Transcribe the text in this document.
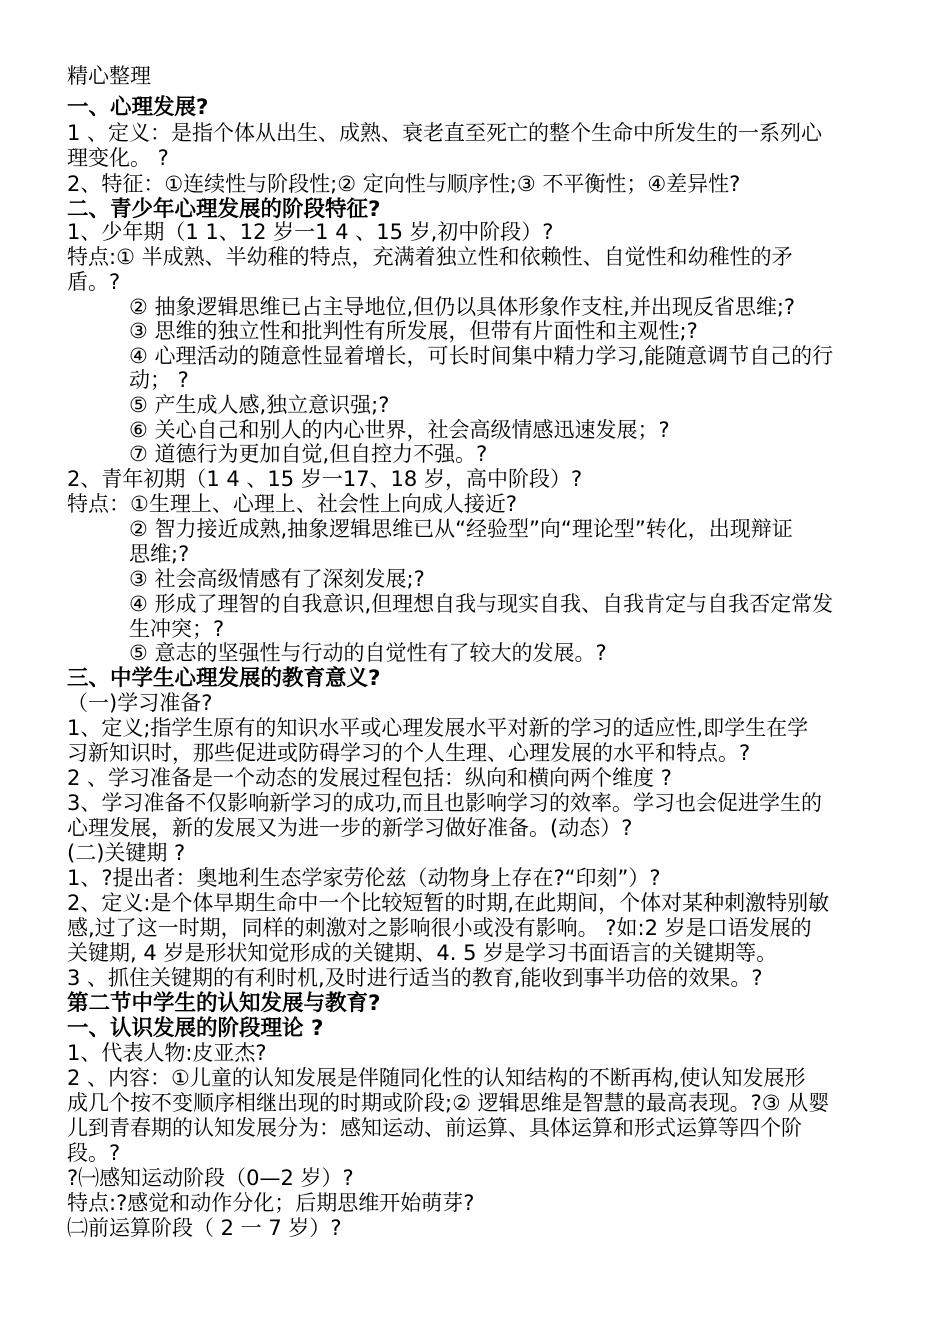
精心整理
一、心理发展?
1 、定义：是指个体从出生、成熟、衰老直至死亡的整个生命中所发生的一系列心
理变化。 ?
2、特征：①连续性与阶段性;② 定向性与顺序性;③ 不平衡性；④差异性?
二、青少年心理发展的阶段特征?
1、少年期（1 1、12 岁一1 4 、15 岁,初中阶段）?
特点:① 半成熟、半幼稚的特点，充满着独立性和依赖性、自觉性和幼稚性的矛
盾。?
② 抽象逻辑思维已占主导地位,但仍以具体形象作支柱,并出现反省思维;?
③ 思维的独立性和批判性有所发展，但带有片面性和主观性;?
④ 心理活动的随意性显着增长，可长时间集中精力学习,能随意调节自己的行
动； ?
⑤ 产生成人感,独立意识强;?
⑥ 关心自己和别人的内心世界，社会高级情感迅速发展；?
⑦ 道德行为更加自觉,但自控力不强。?
2、青年初期（1 4 、15 岁一17、18 岁，高中阶段）?
特点：①生理上、心理上、社会性上向成人接近?
② 智力接近成熟,抽象逻辑思维已从“经验型”向“理论型”转化，出现辩证
思维;?
③ 社会高级情感有了深刻发展;?
④ 形成了理智的自我意识,但理想自我与现实自我、自我肯定与自我否定常发
生冲突；?
⑤ 意志的坚强性与行动的自觉性有了较大的发展。?
三、中学生心理发展的教育意义?
（一)学习准备?
1、定义;指学生原有的知识水平或心理发展水平对新的学习的适应性,即学生在学
习新知识时，那些促进或防碍学习的个人生理、心理发展的水平和特点。?
2 、学习准备是一个动态的发展过程包括：纵向和横向两个维度 ?
3、学习准备不仅影响新学习的成功,而且也影响学习的效率。学习也会促进学生的
心理发展，新的发展又为进一步的新学习做好准备。(动态）?
(二)关键期 ?
1、?提出者：奥地利生态学家劳伦兹（动物身上存在?“印刻”）?
2、定义:是个体早期生命中一个比较短暂的时期,在此期间，个体对某种刺激特别敏
感,过了这一时期，同样的刺激对之影响很小或没有影响。 ?如:2 岁是口语发展的
关键期, 4 岁是形状知觉形成的关键期、4. 5 岁是学习书面语言的关键期等。
3 、抓住关键期的有利时机,及时进行适当的教育,能收到事半功倍的效果。?
第二节中学生的认知发展与教育?
一、认识发展的阶段理论 ?
1、代表人物:皮亚杰?
2 、内容：①儿童的认知发展是伴随同化性的认知结构的不断再构,使认知发展形
成几个按不变顺序相继出现的时期或阶段;② 逻辑思维是智慧的最高表现。?③ 从婴
儿到青春期的认知发展分为：感知运动、前运算、具体运算和形式运算等四个阶
段。?
?㈠感知运动阶段（0—2 岁）?
特点:?感觉和动作分化；后期思维开始萌芽?
㈡前运算阶段（ 2 一 7 岁）?
